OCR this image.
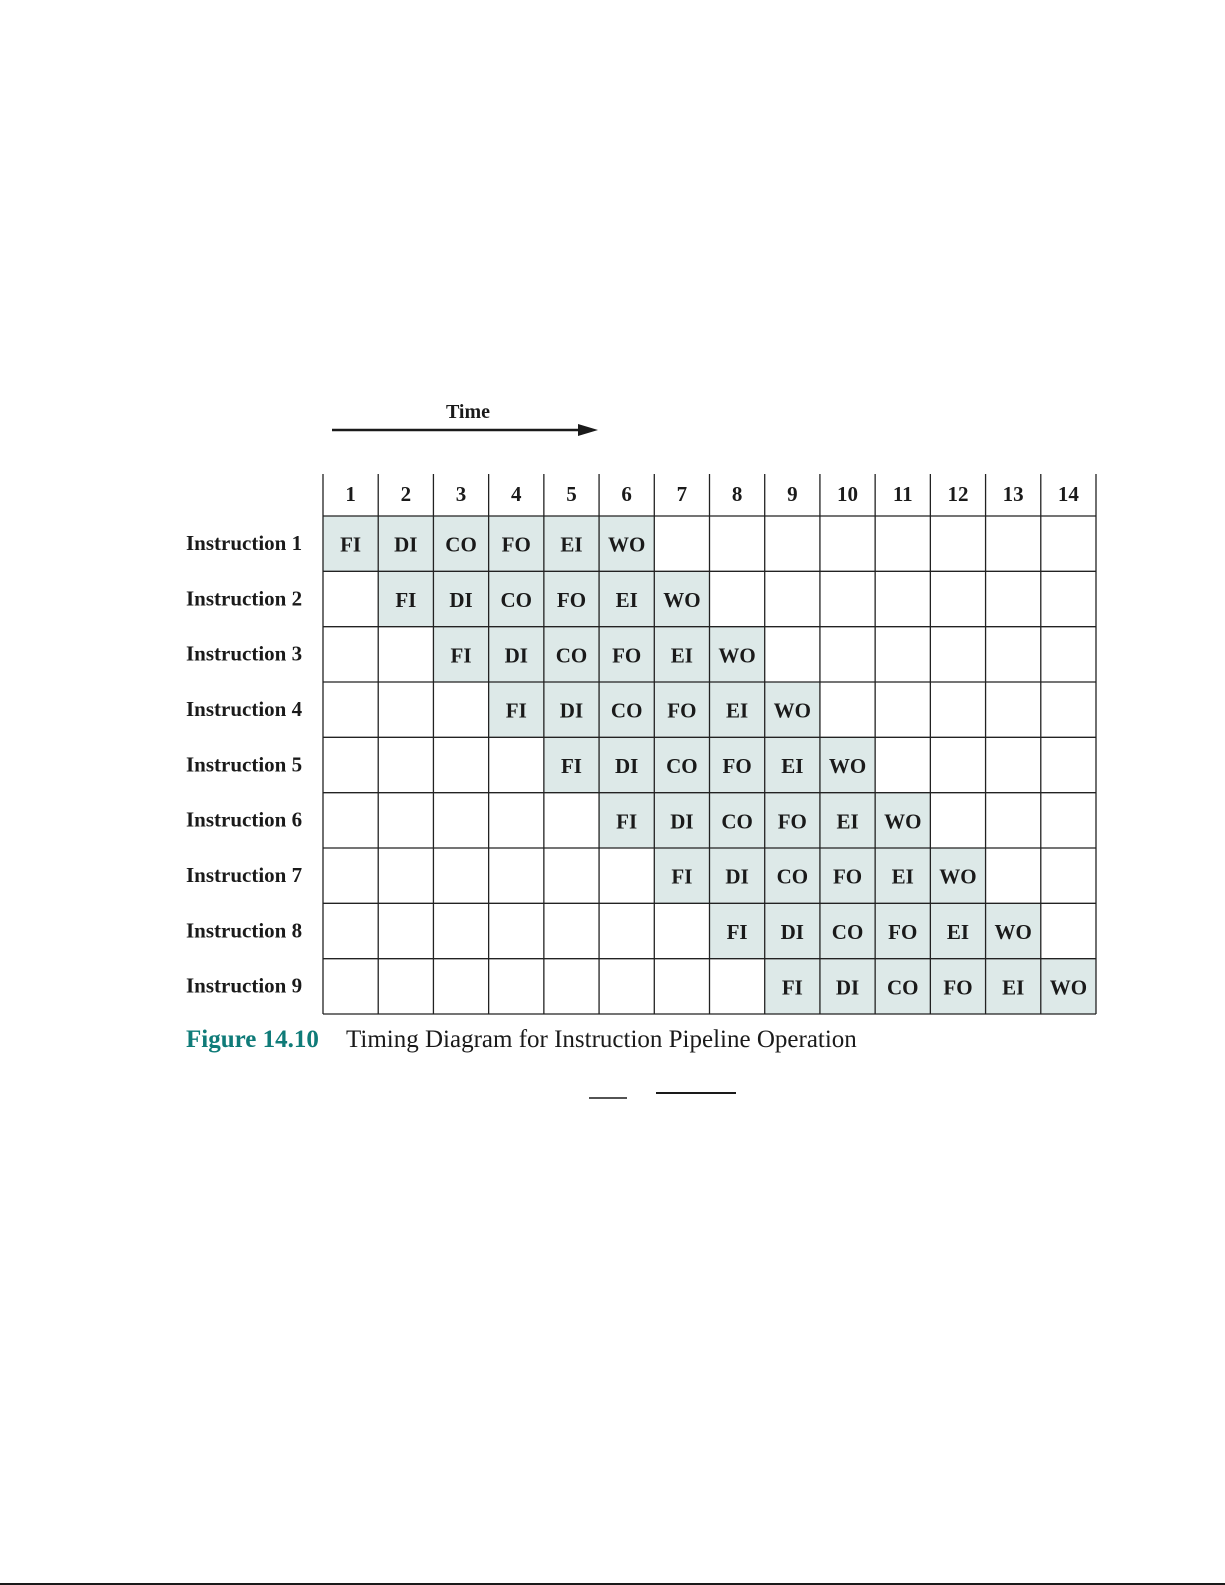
Time
1 2 3 4 5 6 7 8 9 10 11 12 13 14
FI DI CO FO EI WO
FI DI CO FO EI WO
FI DI CO FO EI WO
FI DI CO FO EI WO
FI DI CO FO EI WO
FI DI CO FO EI WO
FI DI CO FO EI WO
FI DI CO FO EI WO
FI DI CO FO EI WO
Instruction 1
Instruction 2
Instruction 3
Instruction 4
Instruction 5
Instruction 6
Instruction 7
Instruction 8
Instruction 9
Figure 14.10 Timing Diagram for Instruction Pipeline Operation
